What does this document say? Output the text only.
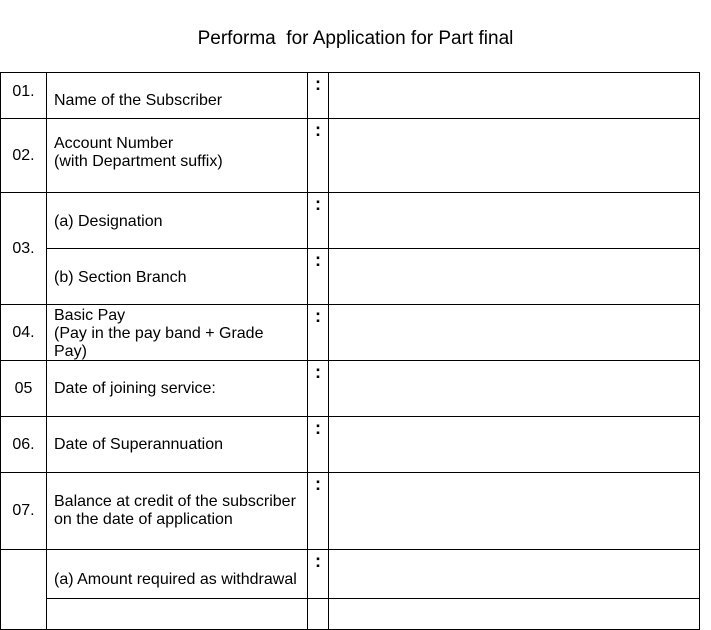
Performa  for Application for Part final
01.	Name of the Subscriber	:	

02.	Account Number
(with Department suffix)	:	

03.	(a) Designation	:	

	(b) Section Branch	:	

04.	Basic Pay
(Pay in the pay band + Grade
Pay)	:	

05	Date of joining service:	:	

06.	Date of Superannuation	:	

07.	Balance at credit of the subscriber
on the date of application	:	

	(a) Amount required as withdrawal	:	
